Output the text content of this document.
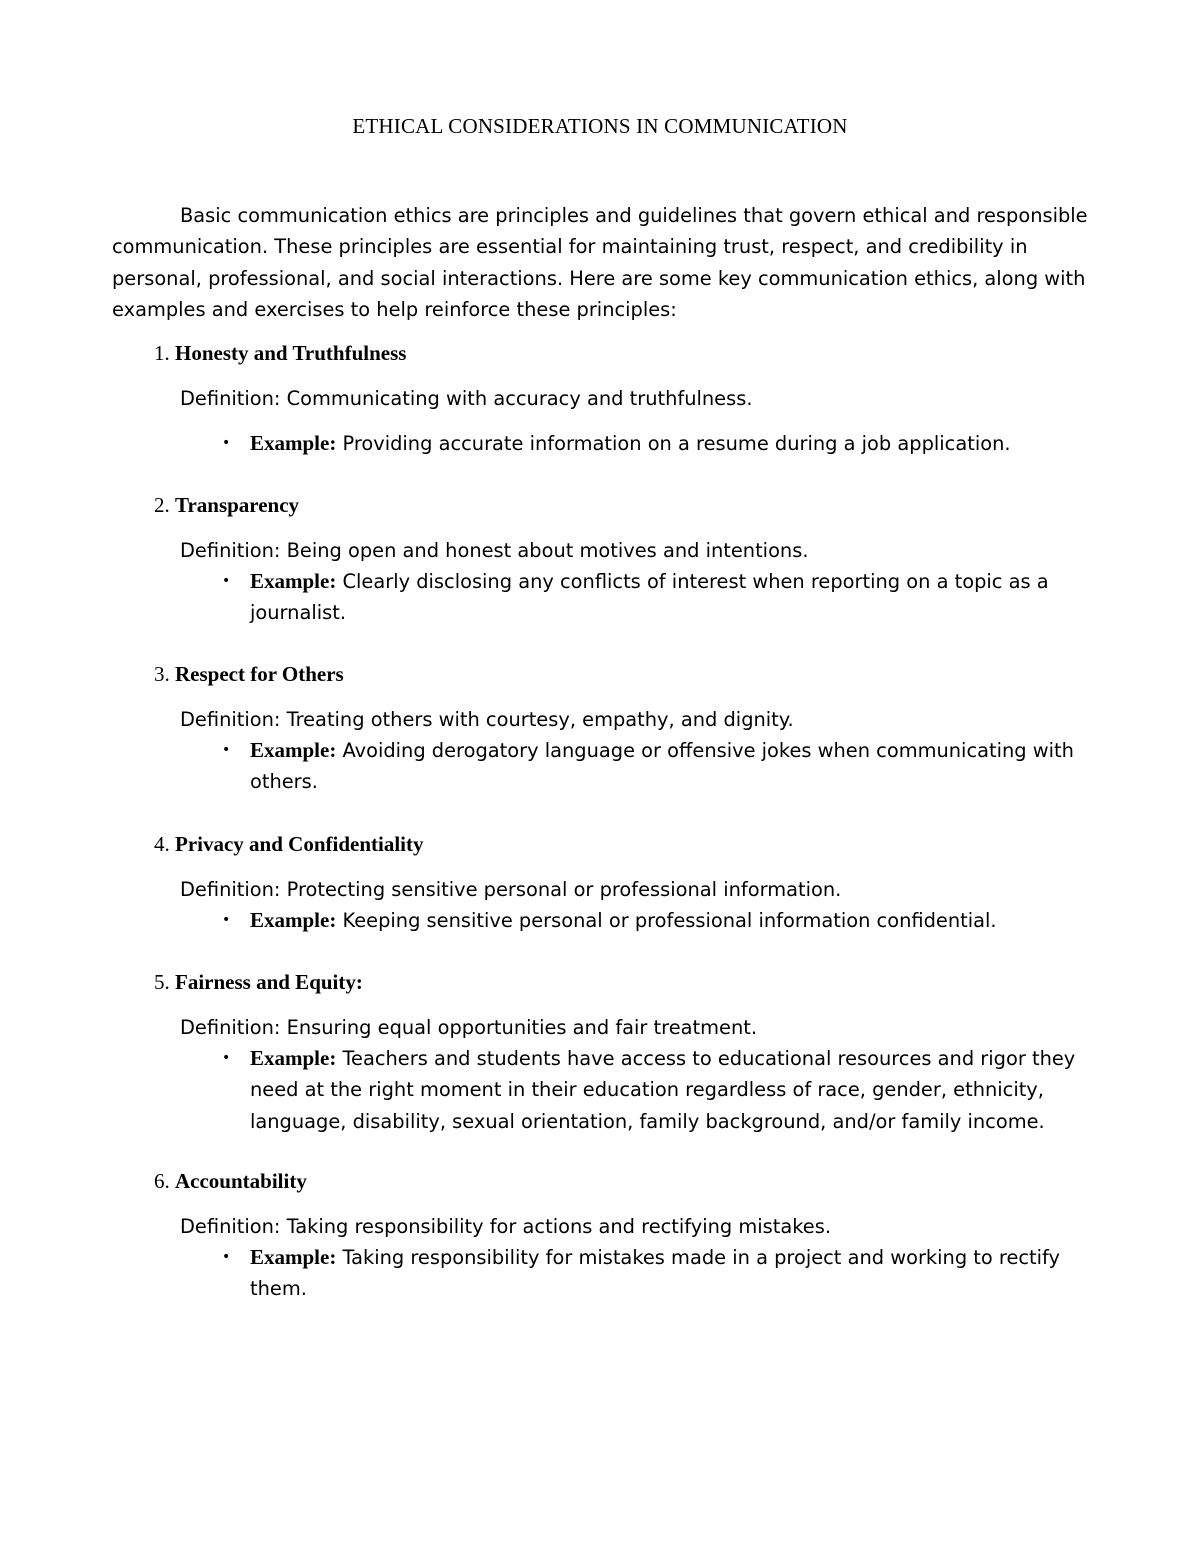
ETHICAL CONSIDERATIONS IN COMMUNICATION

Basic communication ethics are principles and guidelines that govern ethical and responsible communication. These principles are essential for maintaining trust, respect, and credibility in personal, professional, and social interactions. Here are some key communication ethics, along with examples and exercises to help reinforce these principles:

1. Honesty and Truthfulness
Definition: Communicating with accuracy and truthfulness.
• Example: Providing accurate information on a resume during a job application.
2. Transparency
Definition: Being open and honest about motives and intentions.
• Example: Clearly disclosing any conflicts of interest when reporting on a topic as a journalist.
3. Respect for Others
Definition: Treating others with courtesy, empathy, and dignity.
• Example: Avoiding derogatory language or offensive jokes when communicating with others.
4. Privacy and Confidentiality
Definition: Protecting sensitive personal or professional information.
• Example: Keeping sensitive personal or professional information confidential.
5. Fairness and Equity:
Definition: Ensuring equal opportunities and fair treatment.
• Example: Teachers and students have access to educational resources and rigor they need at the right moment in their education regardless of race, gender, ethnicity, language, disability, sexual orientation, family background, and/or family income.
6. Accountability
Definition: Taking responsibility for actions and rectifying mistakes.
• Example: Taking responsibility for mistakes made in a project and working to rectify them.
